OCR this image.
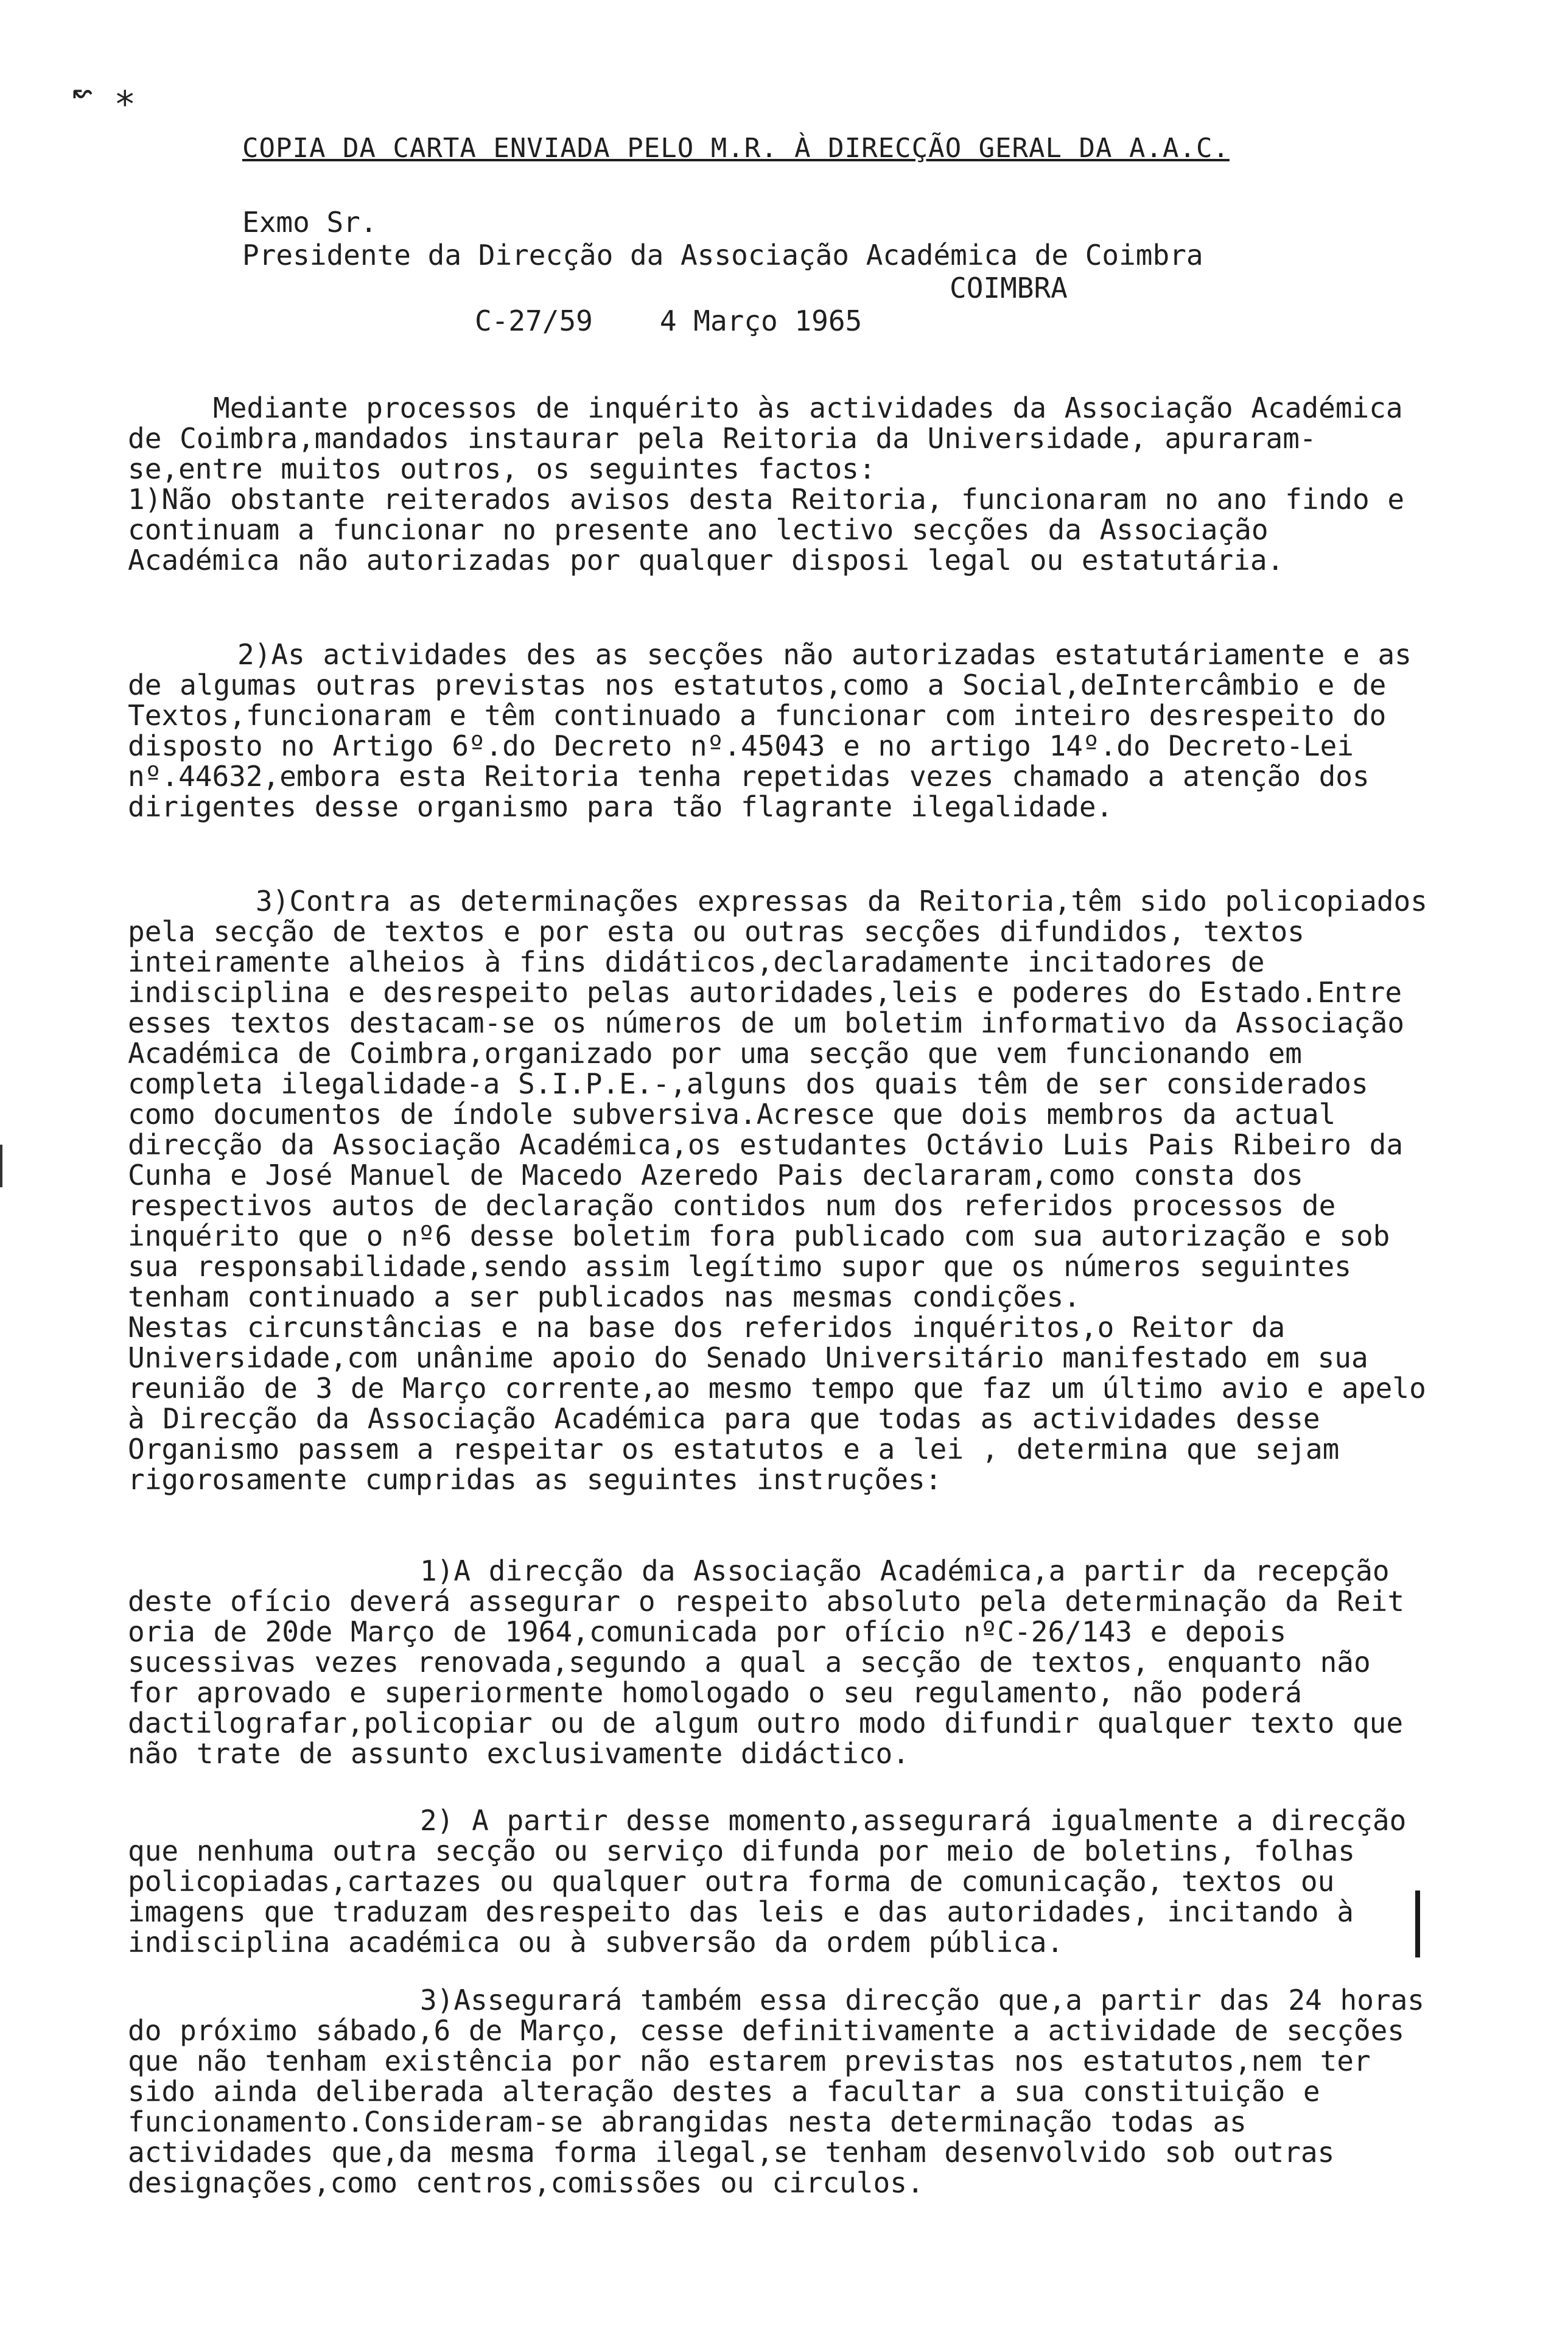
↜ ⁎
COPIA DA CARTA ENVIADA PELO M.R. À DIRECÇÃO GERAL DA A.A.C.
Exmo Sr.
Presidente da Direcção da Associação Académica de Coimbra
COIMBRA
C-27/59 4 Março 1965
Mediante processos de inquérito às actividades da Associação Académica de Coimbra,mandados instaurar pela Reitoria da Universidade, apuraram-se,entre muitos outros, os seguintes factos:
1)Não obstante reiterados avisos desta Reitoria, funcionaram no ano findo e continuam a funcionar no presente ano lectivo secções da Associação Académica não autorizadas por qualquer disposi legal ou estatutária.
2)As actividades des as secções não autorizadas estatutáriamente e as de algumas outras previstas nos estatutos,como a Social,deIntercâmbio e de Textos,funcionaram e têm continuado a funcionar com inteiro desrespeito do disposto no Artigo 6º.do Decreto nº.45043 e no artigo 14º.do Decreto-Lei nº.44632,embora esta Reitoria tenha repetidas vezes chamado a atenção dos dirigentes desse organismo para tão flagrante ilegalidade.
3)Contra as determinações expressas da Reitoria,têm sido policopiados pela secção de textos e por esta ou outras secções difundidos, textos inteiramente alheios à fins didáticos,declaradamente incitadores de indisciplina e desrespeito pelas autoridades,leis e poderes do Estado.Entre esses textos destacam-se os números de um boletim informativo da Associação Académica de Coimbra,organizado por uma secção que vem funcionando em completa ilegalidade-a S.I.P.E.-,alguns dos quais têm de ser considerados como documentos de índole subversiva.Acresce que dois membros da actual direcção da Associação Académica,os estudantes Octávio Luis Pais Ribeiro da Cunha e José Manuel de Macedo Azeredo Pais declararam,como consta dos respectivos autos de declaração contidos num dos referidos processos de inquérito que o nº6 desse boletim fora publicado com sua autorização e sob sua responsabilidade,sendo assim legítimo supor que os números seguintes tenham continuado a ser publicados nas mesmas condições.
Nestas circunstâncias e na base dos referidos inquéritos,o Reitor da Universidade,com unânime apoio do Senado Universitário manifestado em sua reunião de 3 de Março corrente,ao mesmo tempo que faz um último avio e apelo à Direcção da Associação Académica para que todas as actividades desse Organismo passem a respeitar os estatutos e a lei , determina que sejam rigorosamente cumpridas as seguintes instruções:
1)A direcção da Associação Académica,a partir da recepção deste ofício deverá assegurar o respeito absoluto pela determinação da Reit oria de 20de Março de 1964,comunicada por ofício nºC-26/143 e depois sucessivas vezes renovada,segundo a qual a secção de textos, enquanto não for aprovado e superiormente homologado o seu regulamento, não poderá dactilografar,policopiar ou de algum outro modo difundir qualquer texto que não trate de assunto exclusivamente didáctico.
2) A partir desse momento,assegurará igualmente a direcção que nenhuma outra secção ou serviço difunda por meio de boletins, folhas policopiadas,cartazes ou qualquer outra forma de comunicação, textos ou imagens que traduzam desrespeito das leis e das autoridades, incitando à indisciplina académica ou à subversão da ordem pública.
3)Assegurará também essa direcção que,a partir das 24 horas do próximo sábado,6 de Março, cesse definitivamente a actividade de secções que não tenham existência por não estarem previstas nos estatutos,nem ter sido ainda deliberada alteração destes a facultar a sua constituição e funcionamento.Consideram-se abrangidas nesta determinação todas as actividades que,da mesma forma ilegal,se tenham desenvolvido sob outras designações,como centros,comissões ou circulos.
